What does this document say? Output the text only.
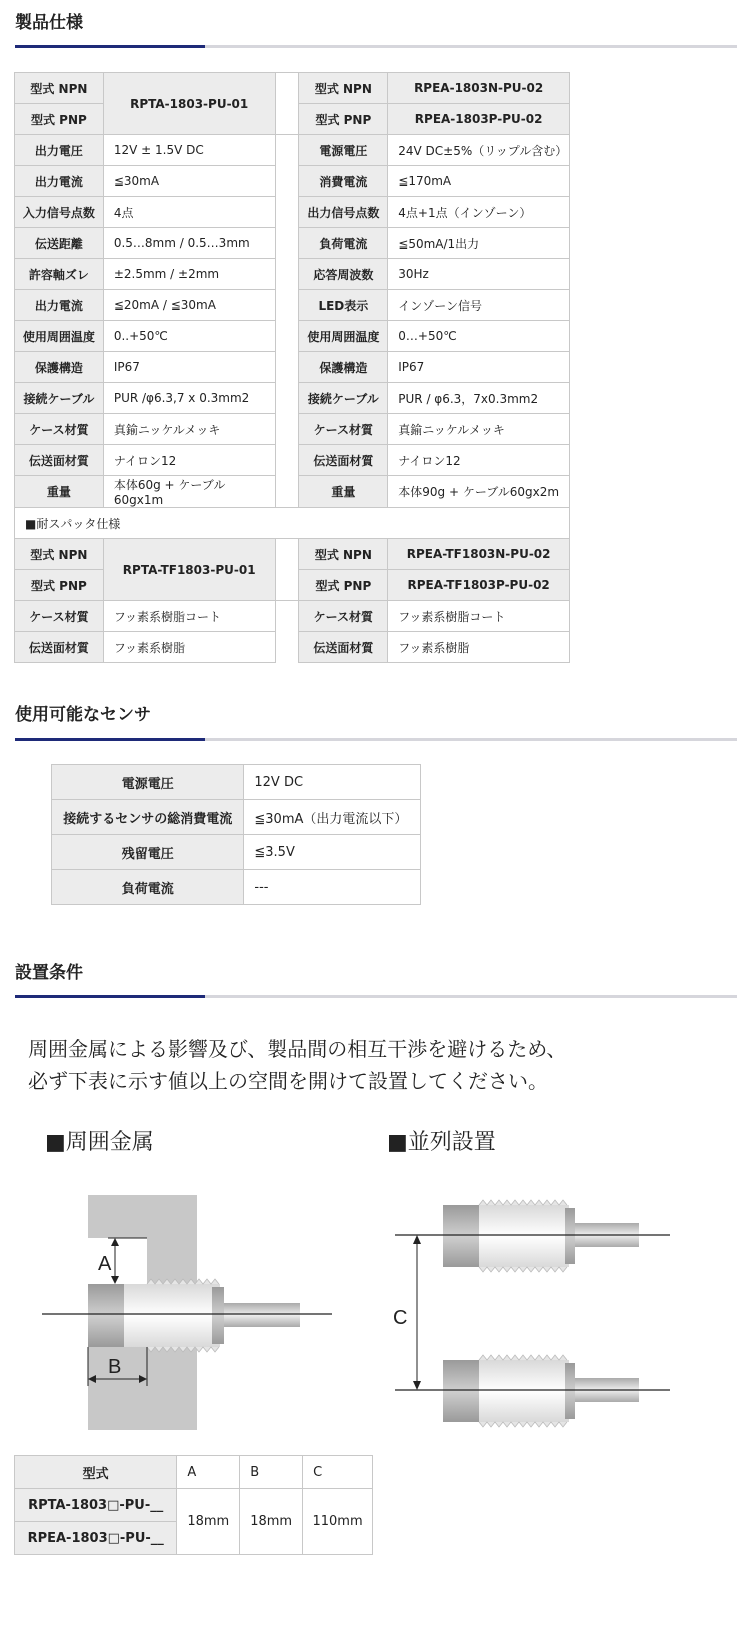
製品仕様
型式 NPN	RPTA-1803-PU-01		型式 NPN	RPEA-1803N-PU-02
型式 PNP			型式 PNP	RPEA-1803P-PU-02
出力電圧	12V ± 1.5V DC		電源電圧	24V DC±5%（リップル含む）
出力電流	≦30mA		消費電流	≦170mA
入力信号点数	4点		出力信号点数	4点+1点（インゾーン）
伝送距離	0.5…8mm / 0.5…3mm		負荷電流	≦50mA/1出力
許容軸ズレ	±2.5mm / ±2mm		応答周波数	30Hz
出力電流	≦20mA / ≦30mA		LED表示	インゾーン信号
使用周囲温度	0..+50℃		使用周囲温度	0…+50℃
保護構造	IP67		保護構造	IP67
接続ケーブル	PUR /φ6.3,7 x 0.3mm2		接続ケーブル	PUR / φ6.3，7x0.3mm2
ケース材質	真鍮ニッケルメッキ		ケース材質	真鍮ニッケルメッキ
伝送面材質	ナイロン12		伝送面材質	ナイロン12
重量	本体60g + ケーブル60gx1m		重量	本体90g + ケーブル60gx2m
■耐スパッタ仕様				
型式 NPN	RPTA-TF1803-PU-01		型式 NPN	RPEA-TF1803N-PU-02
型式 PNP			型式 PNP	RPEA-TF1803P-PU-02
ケース材質	フッ素系樹脂コート		ケース材質	フッ素系樹脂コート
伝送面材質	フッ素系樹脂		伝送面材質	フッ素系樹脂
使用可能なセンサ
電源電圧	12V DC
接続するセンサの総消費電流	≦30mA（出力電流以下）
残留電圧	≦3.5V
負荷電流	---
設置条件
周囲金属による影響及び、製品間の相互干渉を避けるため、
必ず下表に示す値以上の空間を開けて設置してください。
■周囲金属	■並列設置
A
B
C
型式	A	B	C
RPTA-1803□-PU-__	18mm	18mm	110mm
RPEA-1803□-PU-__			
